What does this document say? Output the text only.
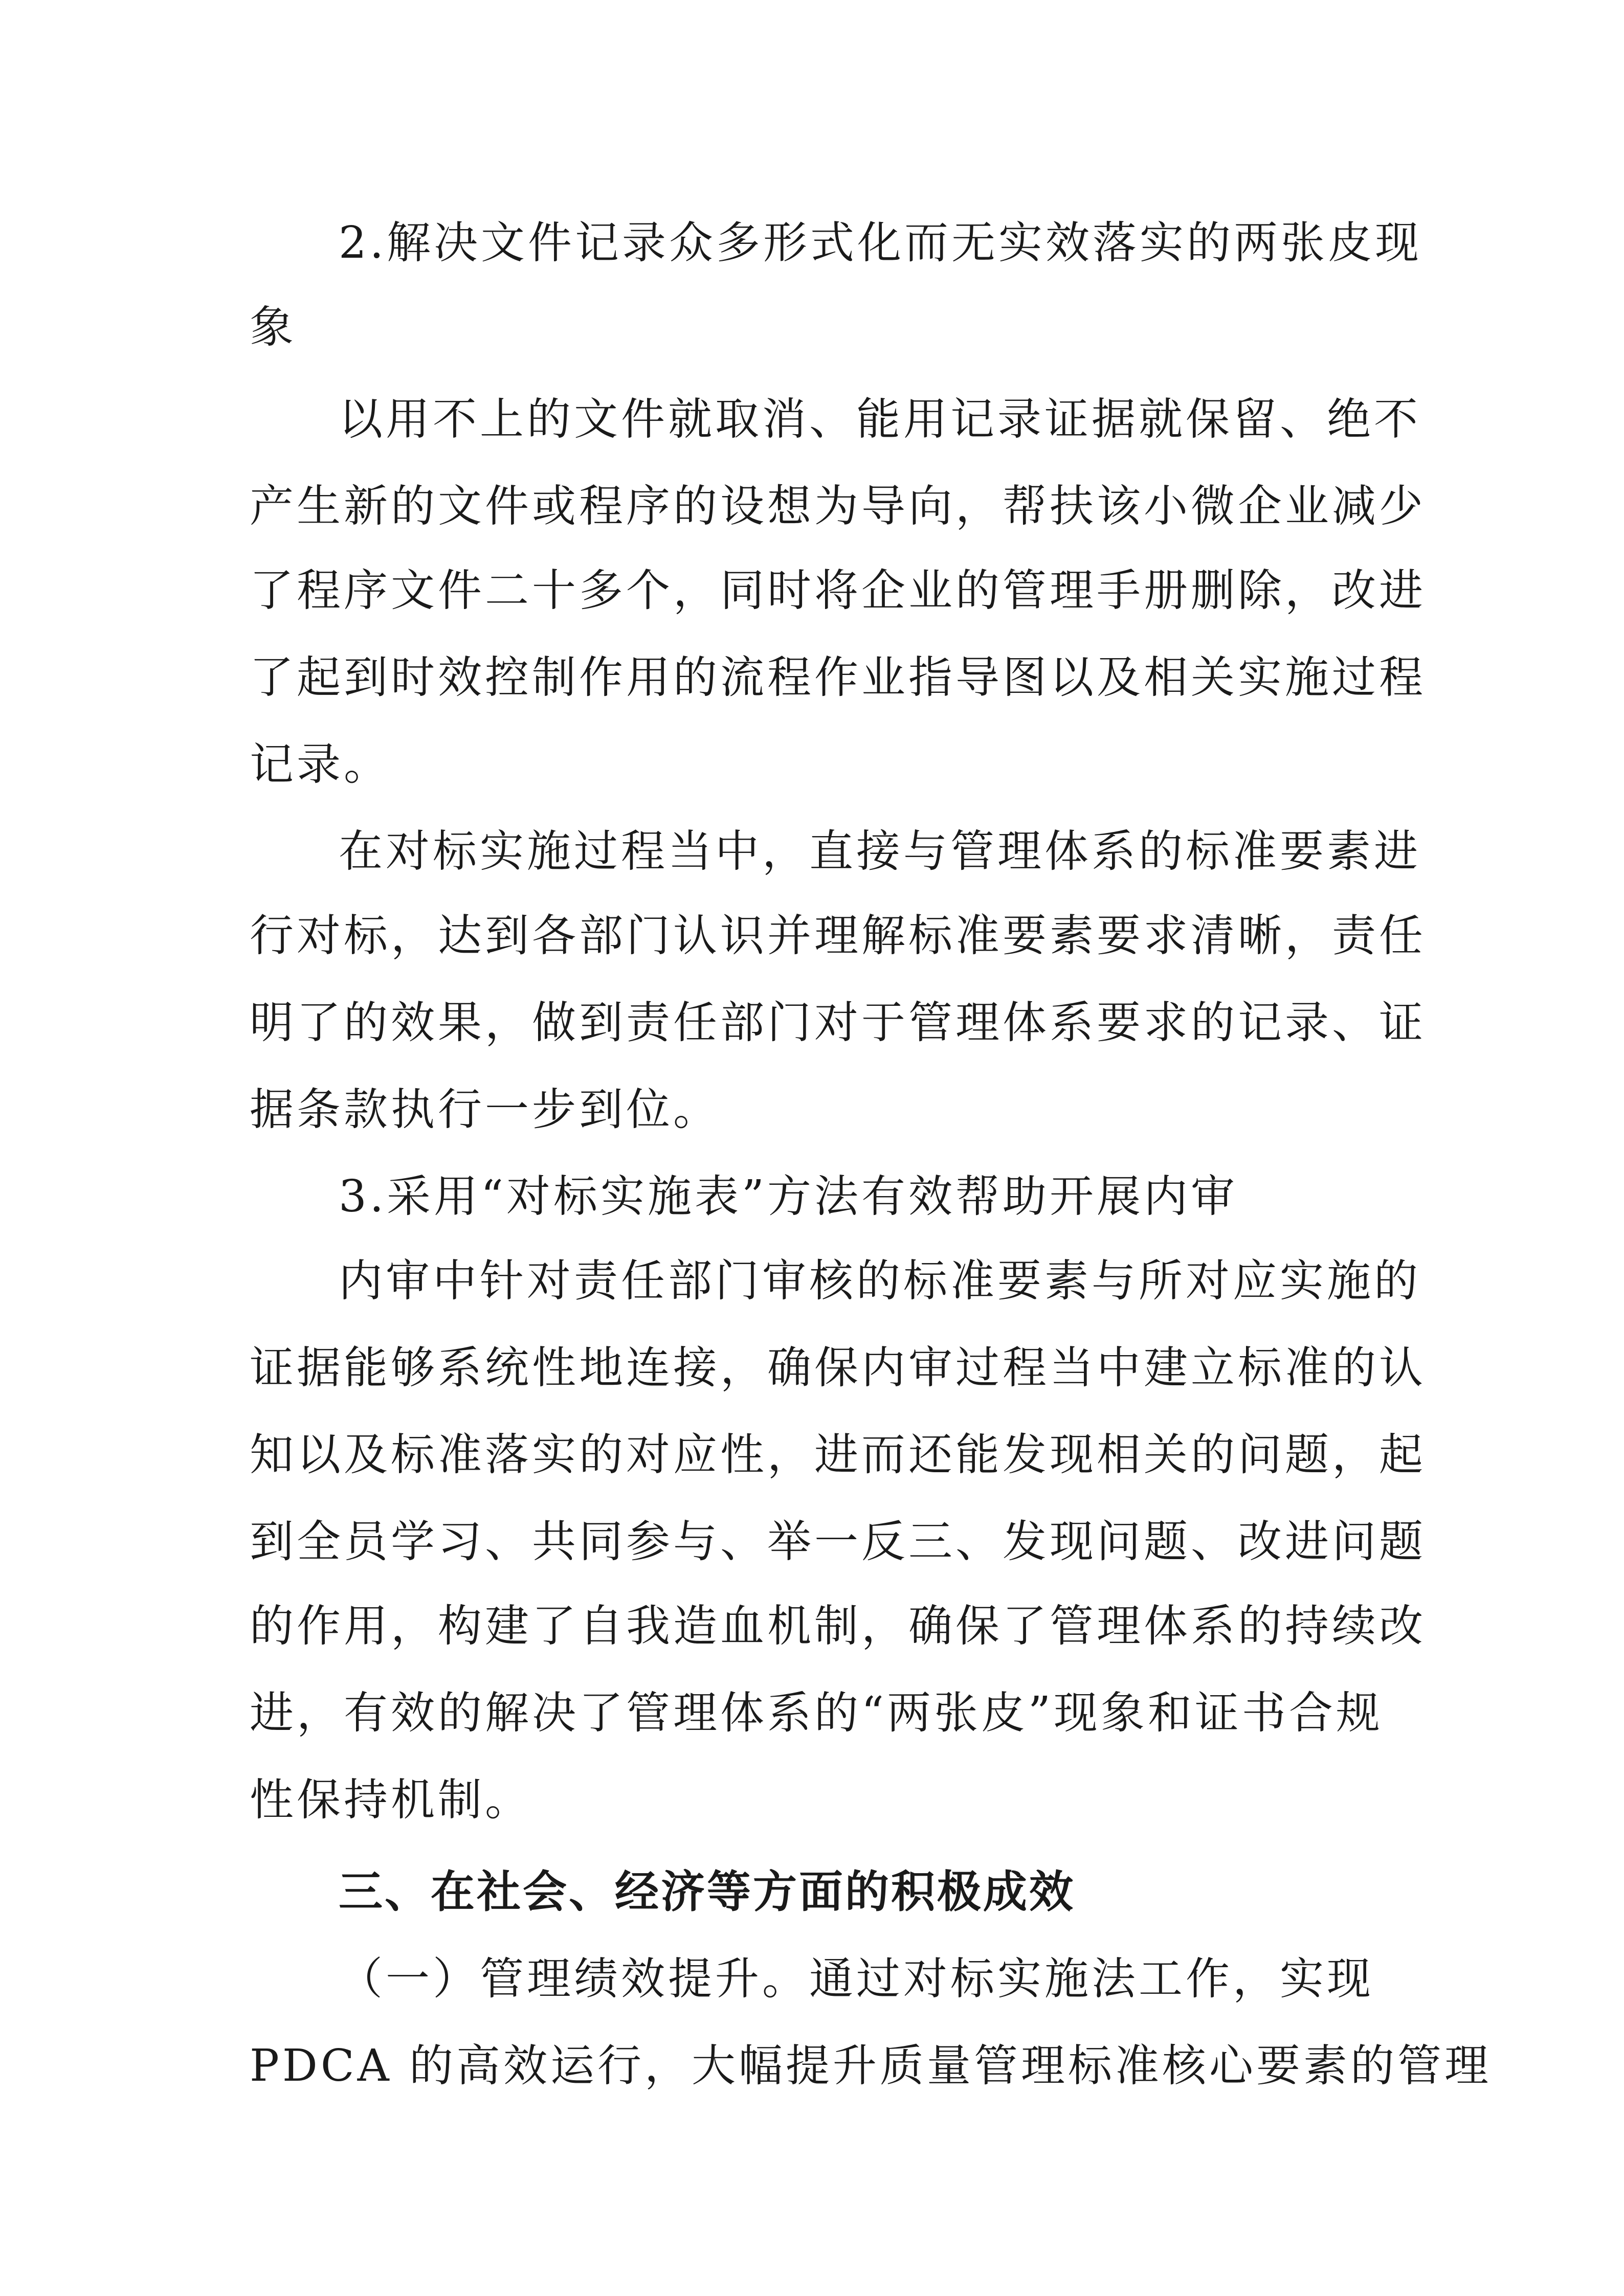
2.解决文件记录众多形式化而无实效落实的两张皮现

象

以用不上的文件就取消、能用记录证据就保留、绝不

产生新的文件或程序的设想为导向，帮扶该小微企业减少

了程序文件二十多个，同时将企业的管理手册删除，改进

了起到时效控制作用的流程作业指导图以及相关实施过程

记录。

在对标实施过程当中，直接与管理体系的标准要素进

行对标，达到各部门认识并理解标准要素要求清晰，责任

明了的效果，做到责任部门对于管理体系要求的记录、证

据条款执行一步到位。

3.采用“对标实施表”方法有效帮助开展内审

内审中针对责任部门审核的标准要素与所对应实施的

证据能够系统性地连接，确保内审过程当中建立标准的认

知以及标准落实的对应性，进而还能发现相关的问题，起

到全员学习、共同参与、举一反三、发现问题、改进问题

的作用，构建了自我造血机制，确保了管理体系的持续改

进，有效的解决了管理体系的“两张皮”现象和证书合规

性保持机制。

三、在社会、经济等方面的积极成效

（一）管理绩效提升。通过对标实施法工作，实现

PDCA 的高效运行，大幅提升质量管理标准核心要素的管理
